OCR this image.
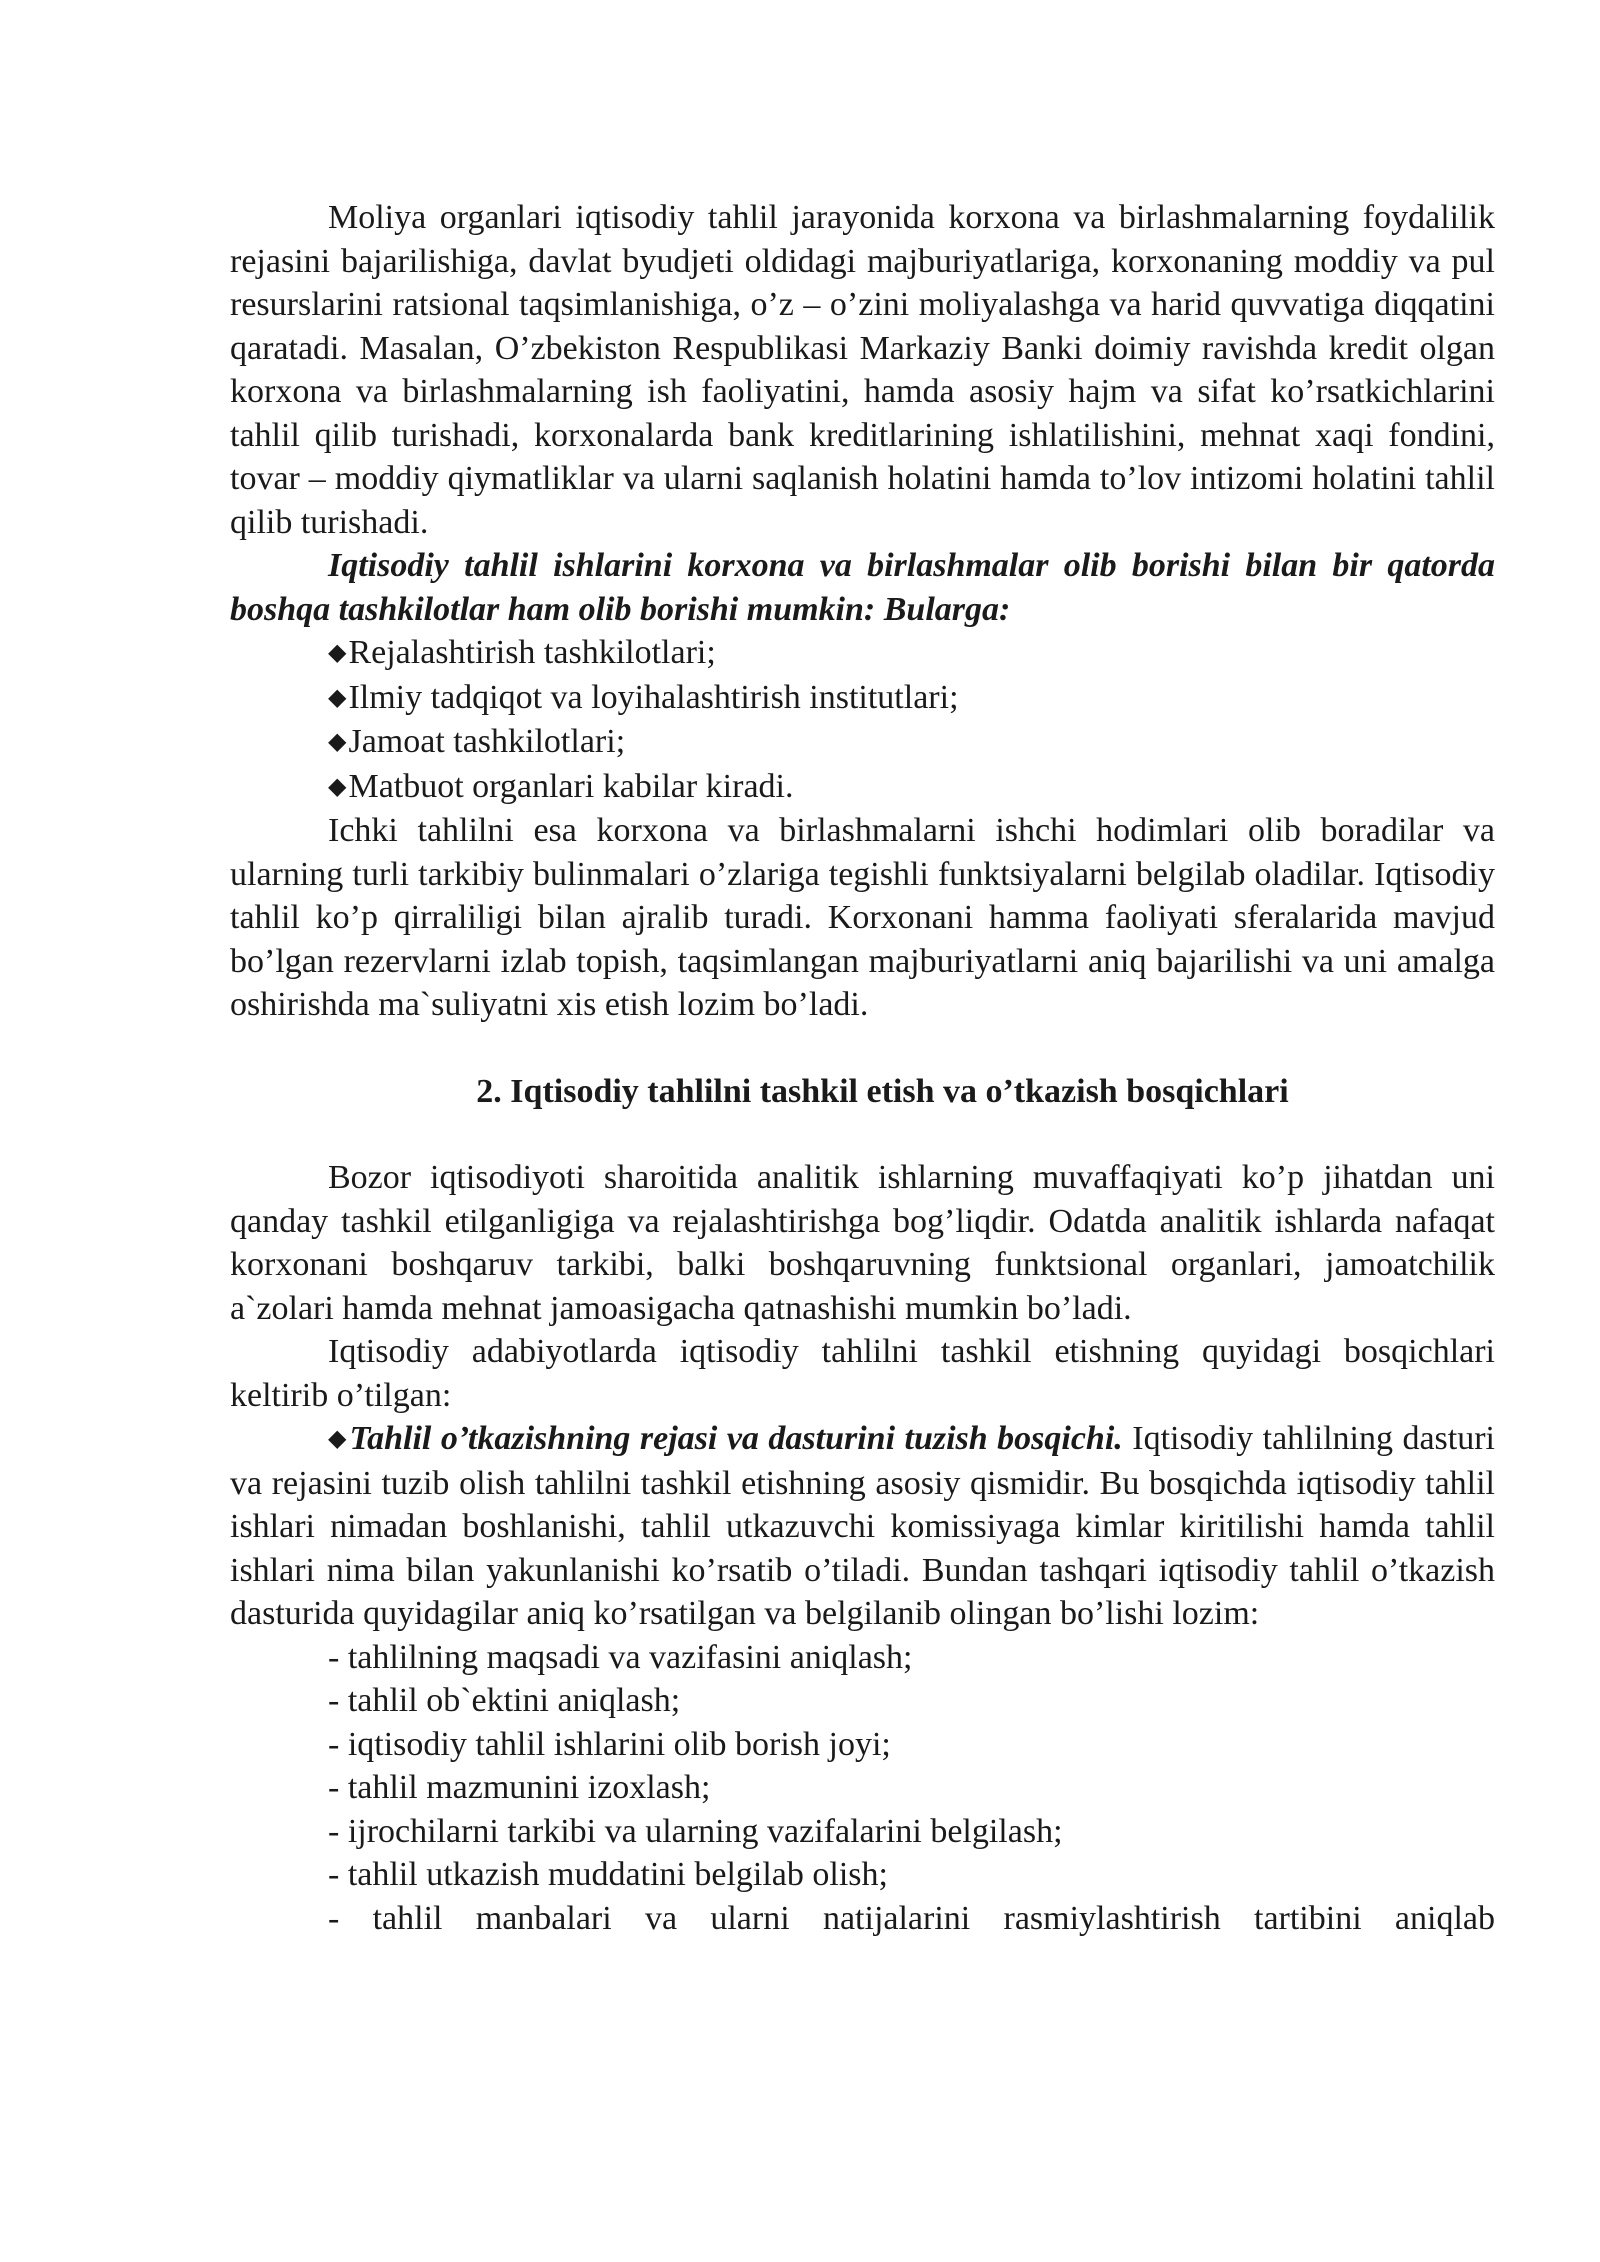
Moliya organlari iqtisodiy tahlil jarayonida korxona va birlashmalarning foydalilik rejasini bajarilishiga, davlat byudjeti oldidagi majburiyatlariga, korxonaning moddiy va pul resurslarini ratsional taqsimlanishiga, o’z – o’zini moliyalashga va harid quvvatiga diqqatini qaratadi. Masalan, O’zbekiston Respublikasi Markaziy Banki doimiy ravishda kredit olgan korxona va birlashmalarning ish faoliyatini, hamda asosiy hajm va sifat ko’rsatkichlarini tahlil qilib turishadi, korxonalarda bank kreditlarining ishlatilishini, mehnat xaqi fondini, tovar – moddiy qiymatliklar va ularni saqlanish holatini hamda to’lov intizomi holatini tahlil qilib turishadi.

Iqtisodiy tahlil ishlarini korxona va birlashmalar olib borishi bilan bir qatorda boshqa tashkilotlar ham olib borishi mumkin: Bularga:

◆Rejalashtirish tashkilotlari;

◆Ilmiy tadqiqot va loyihalashtirish institutlari;

◆Jamoat tashkilotlari;

◆Matbuot organlari kabilar kiradi.

Ichki tahlilni esa korxona va birlashmalarni ishchi hodimlari olib boradilar va ularning turli tarkibiy bulinmalari o’zlariga tegishli funktsiyalarni belgilab oladilar. Iqtisodiy tahlil ko’p qirraliligi bilan ajralib turadi. Korxonani hamma faoliyati sferalarida mavjud bo’lgan rezervlarni izlab topish, taqsimlangan majburiyatlarni aniq bajarilishi va uni amalga oshirishda ma`suliyatni xis etish lozim bo’ladi.

2. Iqtisodiy tahlilni tashkil etish va o’tkazish bosqichlari

Bozor iqtisodiyoti sharoitida analitik ishlarning muvaffaqiyati ko’p jihatdan uni qanday tashkil etilganligiga va rejalashtirishga bog’liqdir. Odatda analitik ishlarda nafaqat korxonani boshqaruv tarkibi, balki boshqaruvning funktsional organlari, jamoatchilik a`zolari hamda mehnat jamoasigacha qatnashishi mumkin bo’ladi.

Iqtisodiy adabiyotlarda iqtisodiy tahlilni tashkil etishning quyidagi bosqichlari keltirib o’tilgan:

◆Tahlil o’tkazishning rejasi va dasturini tuzish bosqichi. Iqtisodiy tahlilning dasturi va rejasini tuzib olish tahlilni tashkil etishning asosiy qismidir. Bu bosqichda iqtisodiy tahlil ishlari nimadan boshlanishi, tahlil utkazuvchi komissiyaga kimlar kiritilishi hamda tahlil ishlari nima bilan yakunlanishi ko’rsatib o’tiladi. Bundan tashqari iqtisodiy tahlil o’tkazish dasturida quyidagilar aniq ko’rsatilgan va belgilanib olingan bo’lishi lozim:

- tahlilning maqsadi va vazifasini aniqlash;

- tahlil ob`ektini aniqlash;

- iqtisodiy tahlil ishlarini olib borish joyi;

- tahlil mazmunini izoxlash;

- ijrochilarni tarkibi va ularning vazifalarini belgilash;

- tahlil utkazish muddatini belgilab olish;

- tahlil manbalari va ularni natijalarini rasmiylashtirish tartibini aniqlab
